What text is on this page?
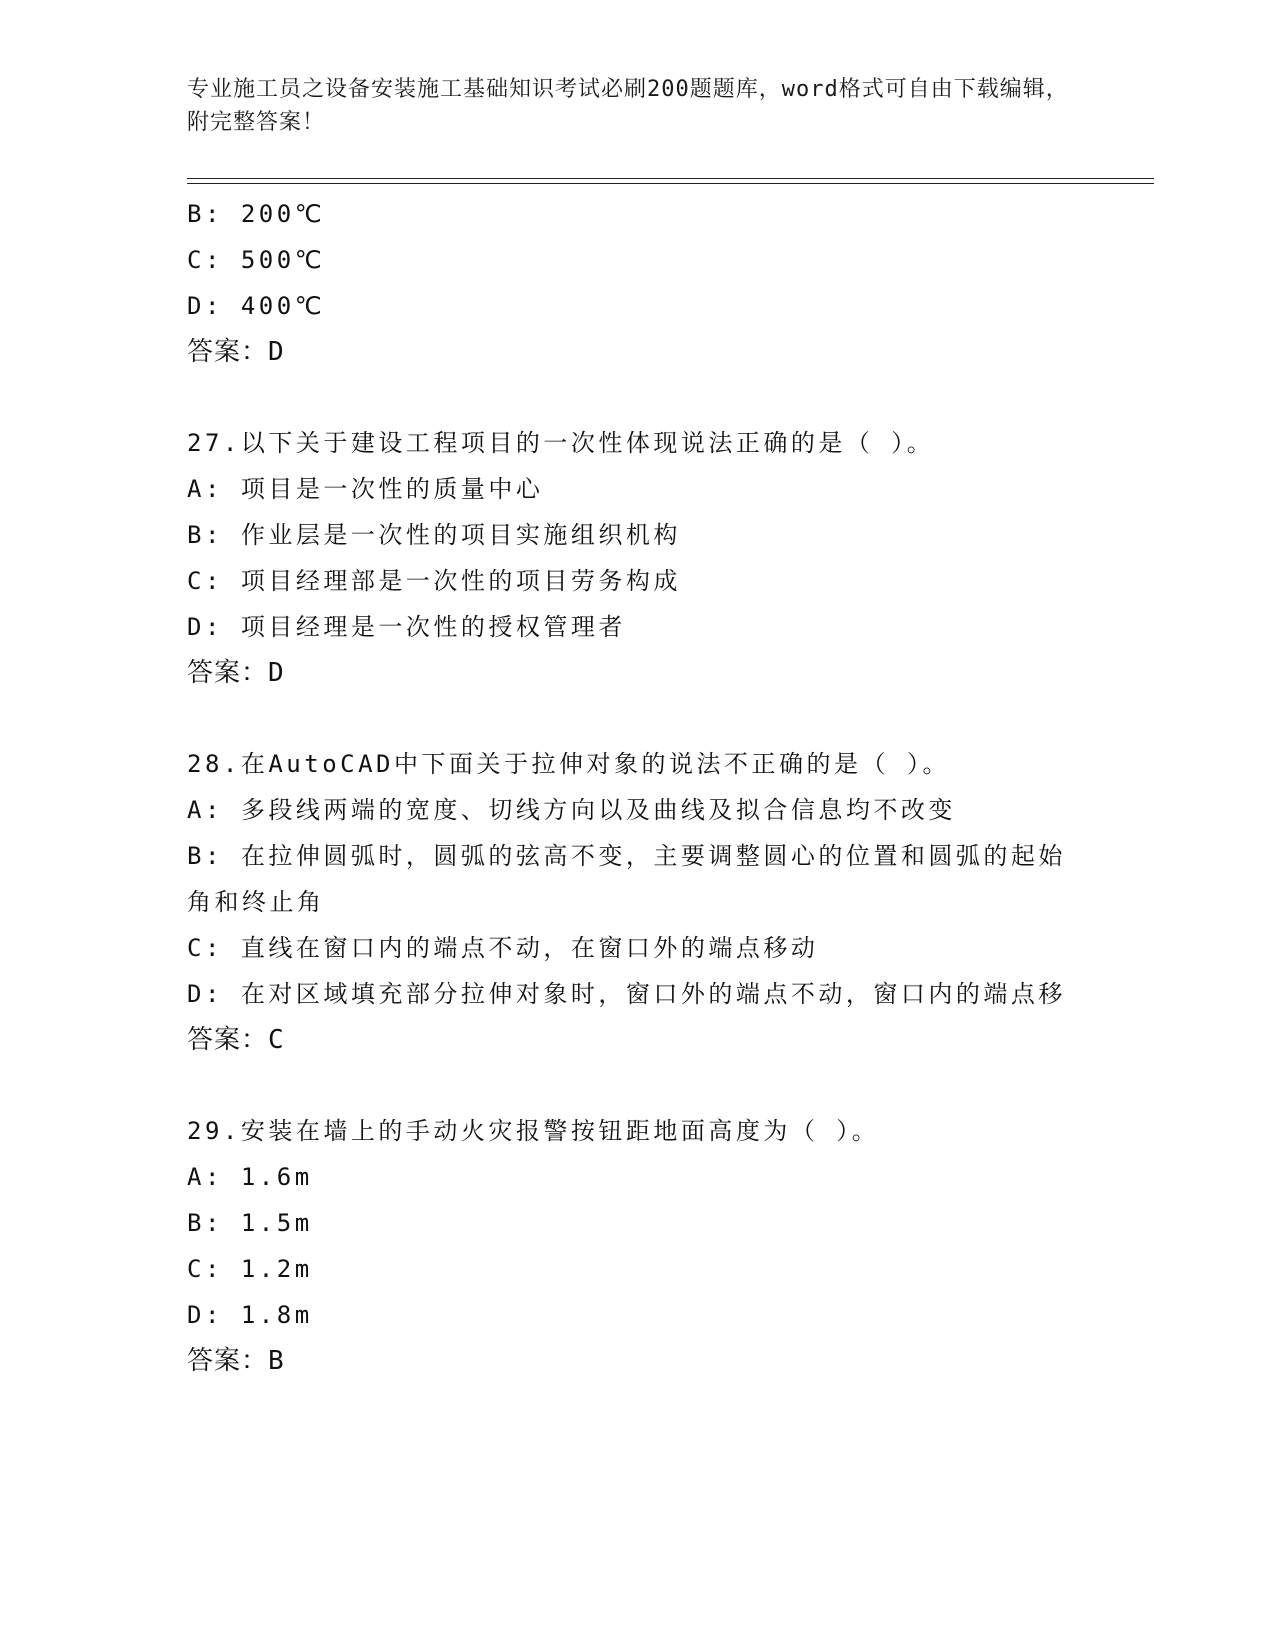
专业施工员之设备安装施工基础知识考试必刷200题题库，word格式可自由下载编辑，附完整答案！
B: 200℃
C: 500℃
D: 400℃
答案：D
27.以下关于建设工程项目的一次性体现说法正确的是（ ）。
A: 项目是一次性的质量中心
B: 作业层是一次性的项目实施组织机构
C: 项目经理部是一次性的项目劳务构成
D: 项目经理是一次性的授权管理者
答案：D
28.在AutoCAD中下面关于拉伸对象的说法不正确的是（ ）。
A: 多段线两端的宽度、切线方向以及曲线及拟合信息均不改变
B: 在拉伸圆弧时，圆弧的弦高不变，主要调整圆心的位置和圆弧的起始角和终止角
C: 直线在窗口内的端点不动，在窗口外的端点移动
D: 在对区域填充部分拉伸对象时，窗口外的端点不动，窗口内的端点移
答案：C
29.安装在墙上的手动火灾报警按钮距地面高度为（ ）。
A: 1.6m
B: 1.5m
C: 1.2m
D: 1.8m
答案：B
